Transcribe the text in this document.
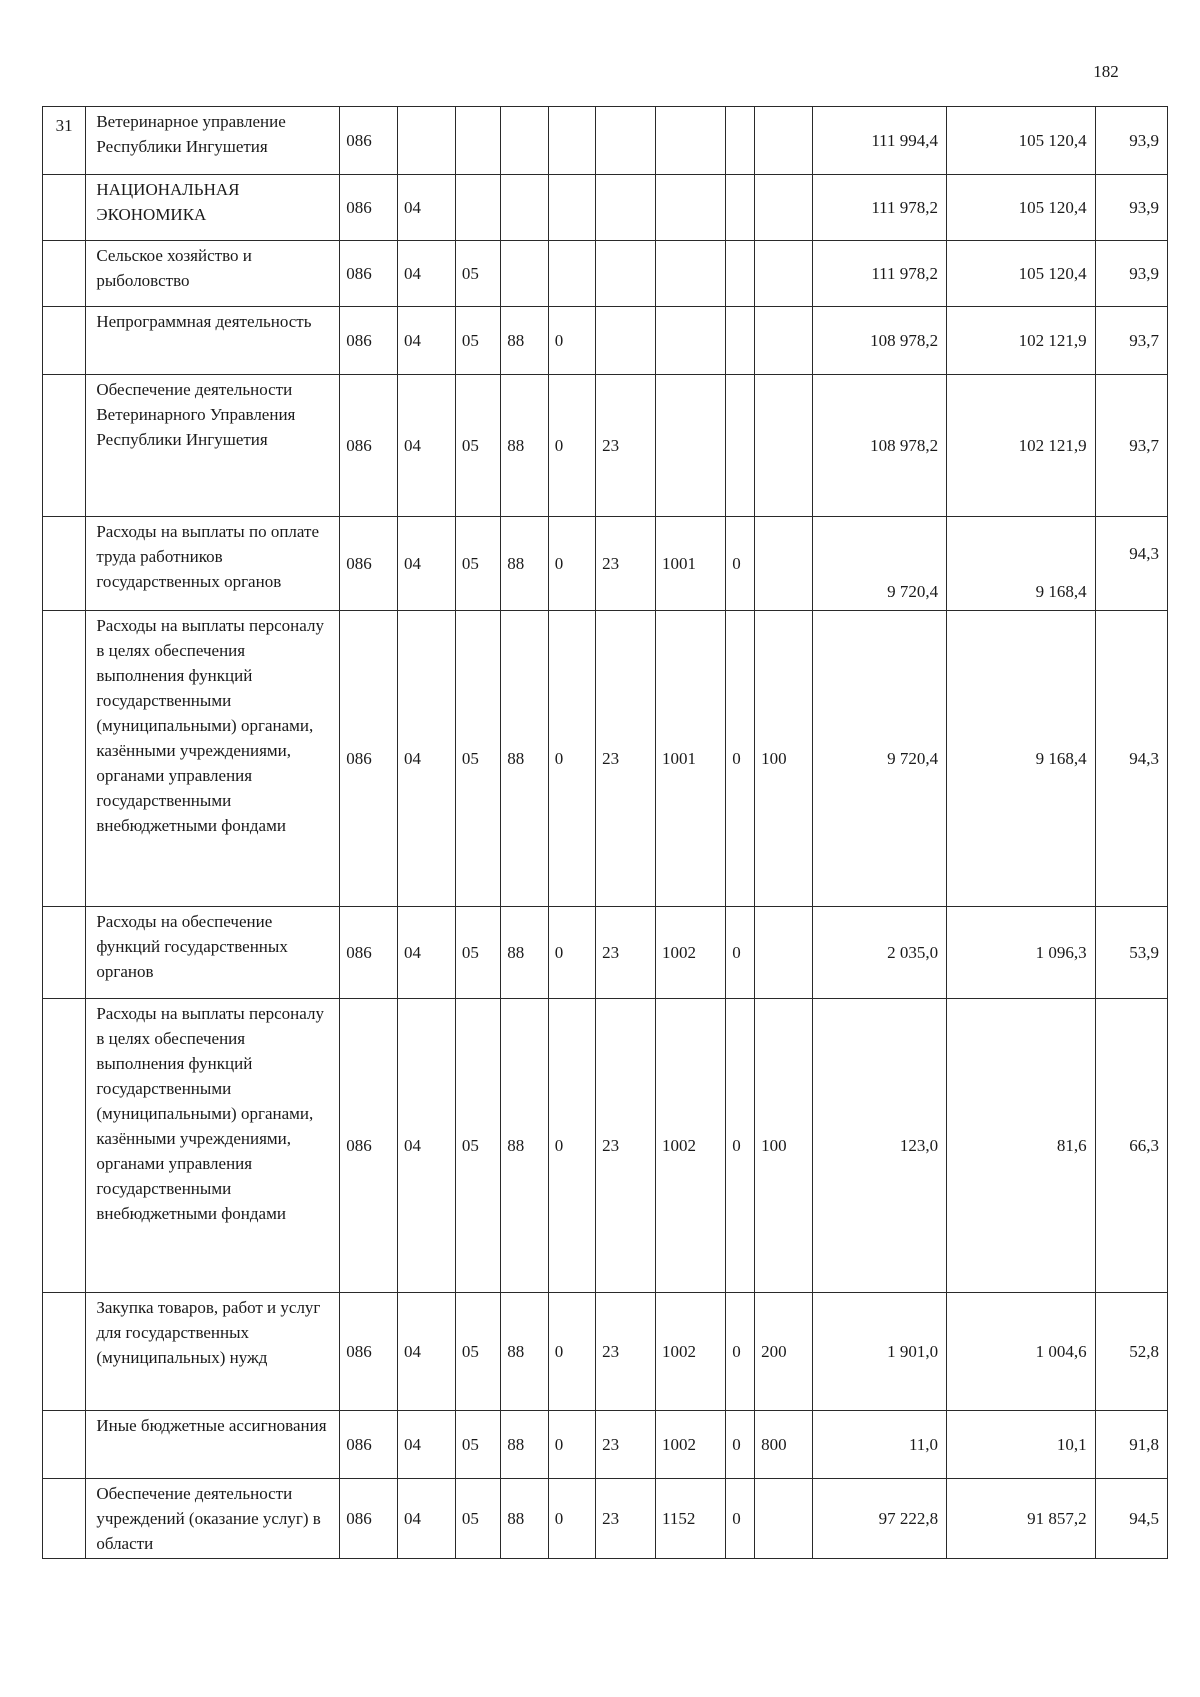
182
31	Ветеринарное управление Республики Ингушетия	086									111 994,4	105 120,4	93,9
	НАЦИОНАЛЬНАЯ ЭКОНОМИКА	086	04								111 978,2	105 120,4	93,9
	Сельское хозяйство и рыболовство	086	04	05							111 978,2	105 120,4	93,9
	Непрограммная деятельность	086	04	05	88	0					108 978,2	102 121,9	93,7
	Обеспечение деятельности Ветеринарного Управления Республики Ингушетия	086	04	05	88	0	23				108 978,2	102 121,9	93,7
	Расходы на выплаты по оплате труда работников государственных органов	086	04	05	88	0	23	1001	0		9 720,4	9 168,4	94,3
	Расходы на выплаты персоналу в целях обеспечения выполнения функций государственными (муниципальными) органами, казёнными учреждениями, органами управления государственными внебюджетными фондами	086	04	05	88	0	23	1001	0	100	9 720,4	9 168,4	94,3
	Расходы на обеспечение функций государственных органов	086	04	05	88	0	23	1002	0		2 035,0	1 096,3	53,9
	Расходы на выплаты персоналу в целях обеспечения выполнения функций государственными (муниципальными) органами, казёнными учреждениями, органами управления государственными внебюджетными фондами	086	04	05	88	0	23	1002	0	100	123,0	81,6	66,3
	Закупка товаров, работ и услуг для государственных (муниципальных) нужд	086	04	05	88	0	23	1002	0	200	1 901,0	1 004,6	52,8
	Иные бюджетные ассигнования	086	04	05	88	0	23	1002	0	800	11,0	10,1	91,8
	Обеспечение деятельности учреждений (оказание услуг) в области	086	04	05	88	0	23	1152	0		97 222,8	91 857,2	94,5
